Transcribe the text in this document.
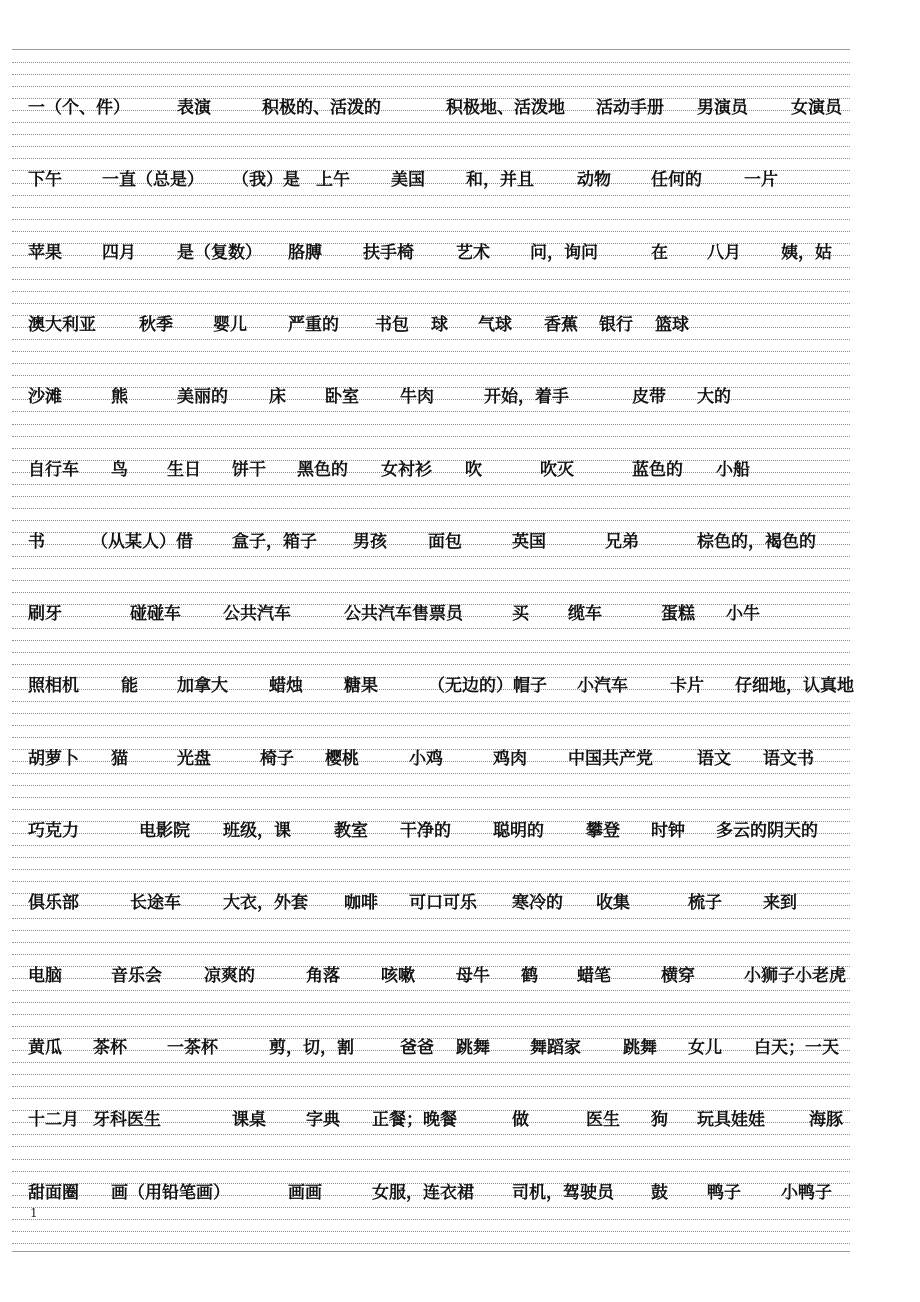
一（个、件）	表演	积极的、活泼的	积极地、活泼地 活动手册 男演员	女演员
下午 一直（总是） （我）是 上午 美国 和，并且	动物 任何的 一片
苹果 四月 是（复数） 胳膊 扶手椅 艺术 问，询问	在 八月 姨，姑
澳大利亚	秋季 婴儿 严重的 书包 球 气球 香蕉 银行 篮球
沙滩	熊	美丽的 床 卧室 牛肉	开始，着手	皮带 大的
自行车 鸟 生日 饼干 黑色的 女衬衫 吹	吹灭	蓝色的 小船
书	（从某人）借 盒子，箱子 男孩 面包	英国	兄弟	棕色的，褐色的
刷牙	碰碰车 公共汽车	公共汽车售票员	买 缆车	蛋糕 小牛
照相机 能 加拿大 蜡烛 糖果	（无边的）帽子 小汽车 卡片 仔细地，认真地
胡萝卜 猫	光盘	椅子 樱桃	小鸡	鸡肉 中国共产党	语文 语文书
巧克力	电影院 班级，课	教室 干净的 聪明的 攀登 时钟 多云的阴天的
俱乐部	长途车 大衣，外套 咖啡 可口可乐 寒冷的 收集	梳子 来到
电脑	音乐会 凉爽的	角落 咳嗽 母牛 鹤 蜡笔	横穿	小狮子小老虎
黄瓜 茶杯 一茶杯	剪，切，割	爸爸 跳舞 舞蹈家 跳舞 女儿 白天；一天
十二月 牙科医生	课桌 字典 正餐；晚餐	做	医生 狗 玩具娃娃	海豚
甜面圈 画（用铅笔画）	画画	女服，连衣裙 司机，驾驶员 鼓 鸭子 小鸭子
1
